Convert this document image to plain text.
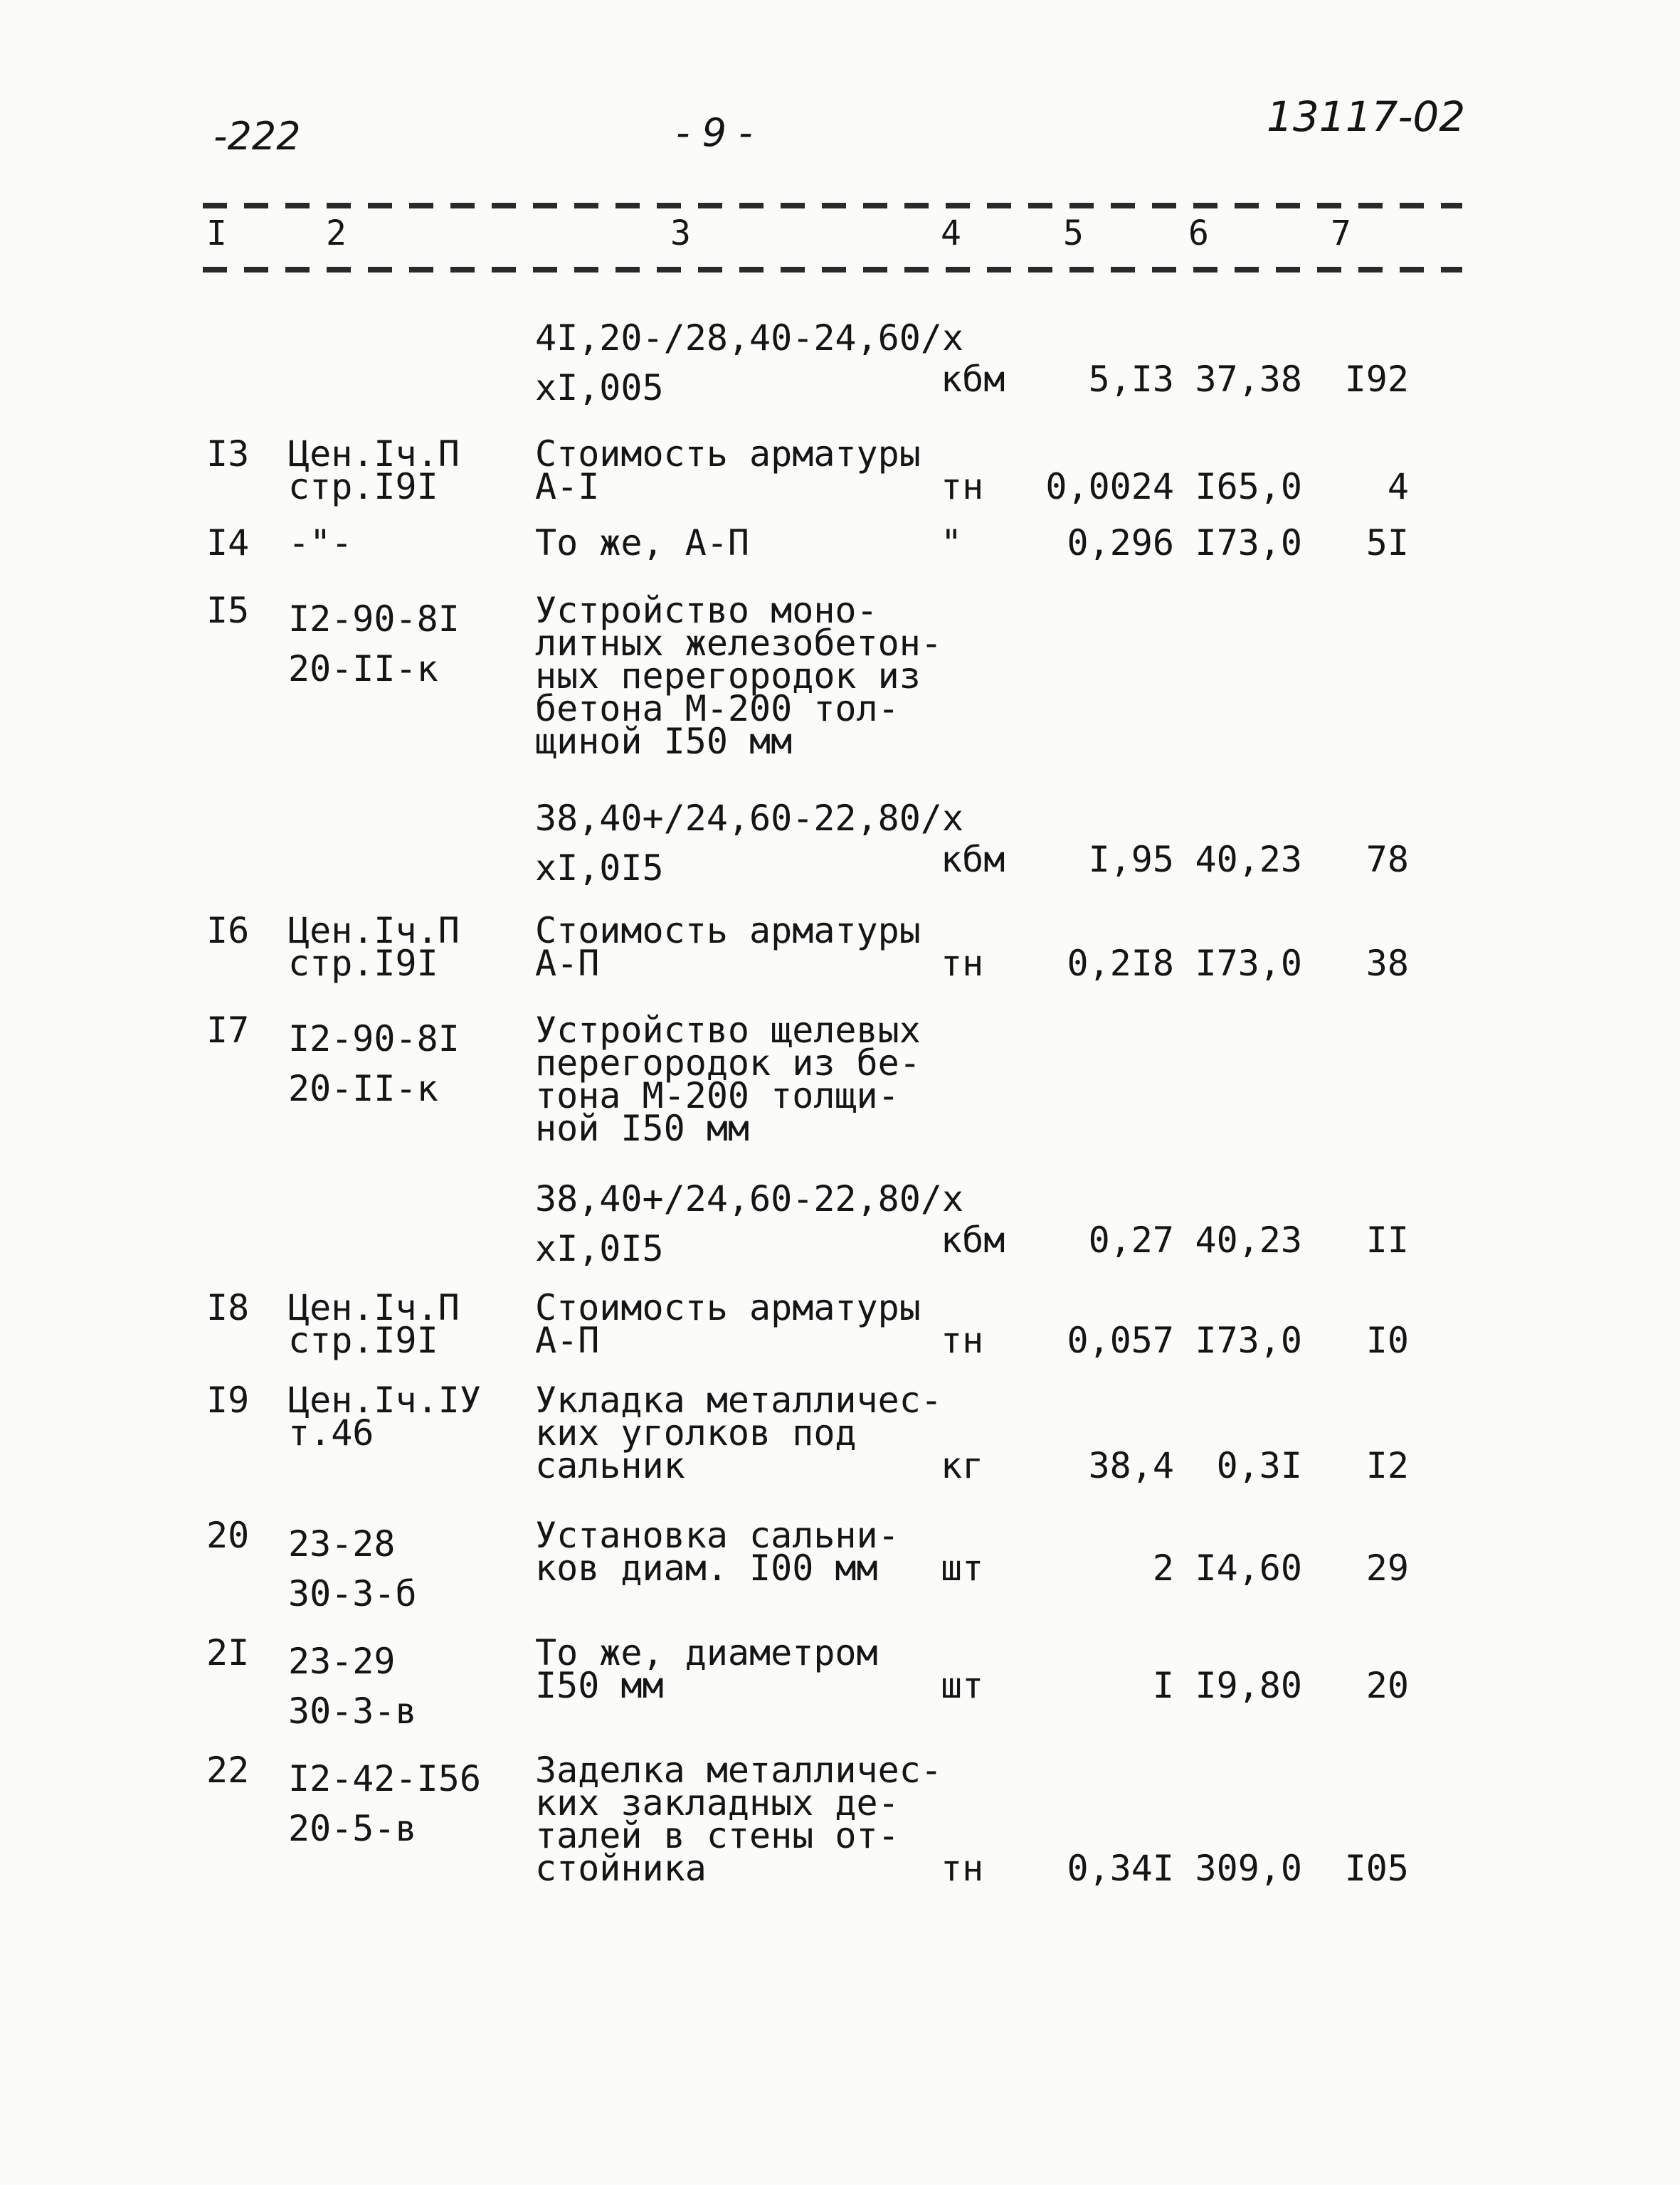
-222	- 9 -	13117-02
I	2	3	4	5	6	7
4I,20-/28,40-24,60/x
xI,005	кбм	5,I3 37,38	I92
I3 Цен.Iч.П
стр.I9I
Стоимость арматуры
А-I	тн	0,0024 I65,0	4
I4 -"-	То же, А-П	"	0,296 I73,0	5I
I5 I2-90-8I
20-II-к
Устройство моно-
литных железобетон-
ных перегородок из
бетона М-200 тол-
щиной I50 мм
38,40+/24,60-22,80/x
xI,0I5	кбм	I,95 40,23	78
I6 Цен.Iч.П
стр.I9I
Стоимость арматуры
А-П	тн	0,2I8 I73,0	38
I7 I2-90-8I
20-II-к
Устройство щелевых
перегородок из бе-
тона М-200 толщи-
ной I50 мм
38,40+/24,60-22,80/x
xI,0I5	кбм	0,27 40,23	II
I8 Цен.Iч.П
стр.I9I
Стоимость арматуры
А-П	тн	0,057 I73,0	I0
I9 Цен.Iч.IУ
т.46
Укладка металличес-
ких уголков под
сальник	кг	38,4	0,3I	I2
20 23-28
30-3-б
Установка сальни-
ков диам. I00 мм	шт	2 I4,60	29
2I 23-29
30-3-в
То же, диаметром
I50 мм	шт	I I9,80	20
22 I2-42-I56
20-5-в
Заделка металличес-
ких закладных де-
талей в стены от-
стойника	тн	0,34I 309,0	I05
